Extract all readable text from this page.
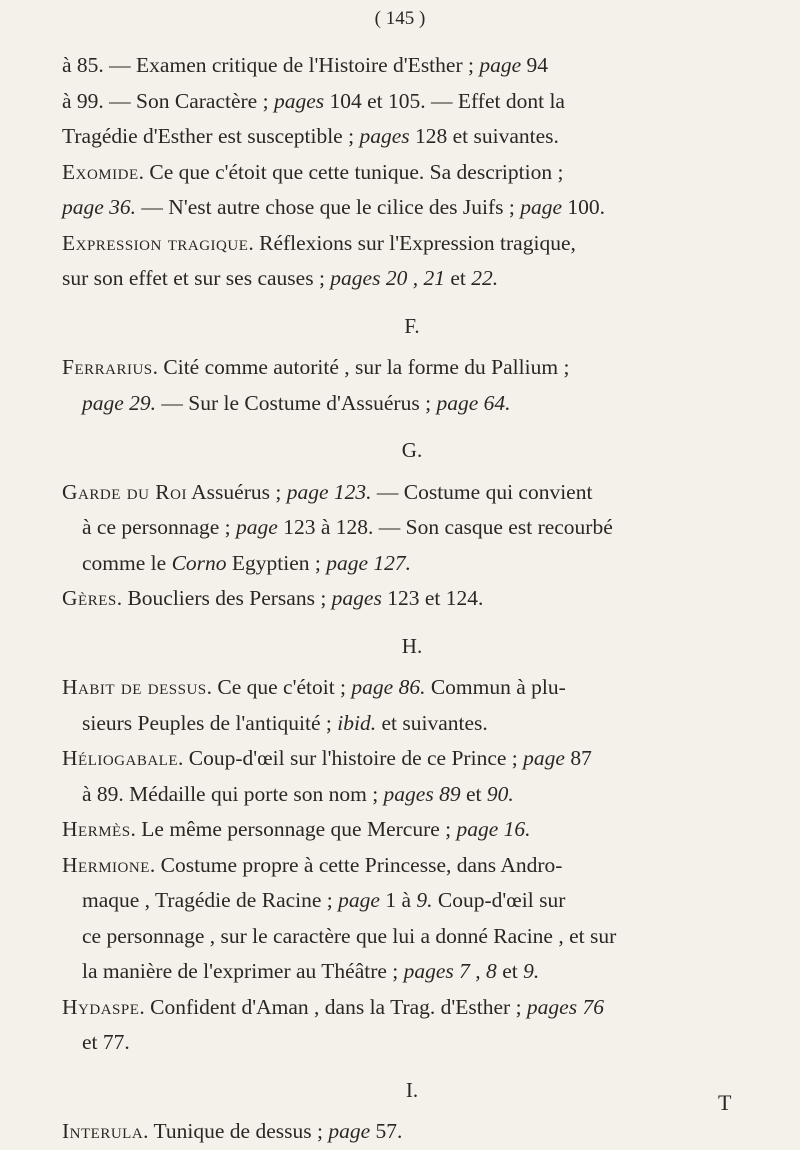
( 145 )
à 85. — Examen critique de l'Histoire d'Esther ; page 94
à 99. — Son Caractère ; pages 104 et 105. — Effet dont la
Tragédie d'Esther est susceptible ; pages 128 et suivantes.
Exomide. Ce que c'étoit que cette tunique. Sa description ;
page 36. — N'est autre chose que le cilice des Juifs ; page 100.
Expression tragique. Réflexions sur l'Expression tragique,
sur son effet et sur ses causes ; pages 20 , 21 et 22.
F.
Ferrarius. Cité comme autorité , sur la forme du Pallium ;
page 29. — Sur le Costume d'Assuérus ; page 64.
G.
Garde du Roi Assuérus ; page 123. — Costume qui convient
à ce personnage ; page 123 à 128. — Son casque est recourbé
comme le Corno Egyptien ; page 127.
Gères. Boucliers des Persans ; pages 123 et 124.
H.
Habit de dessus. Ce que c'étoit ; page 86. Commun à plu-
sieurs Peuples de l'antiquité ; ibid. et suivantes.
Héliogabale. Coup-d'œil sur l'histoire de ce Prince ; page 87
à 89. Médaille qui porte son nom ; pages 89 et 90.
Hermès. Le même personnage que Mercure ; page 16.
Hermione. Costume propre à cette Princesse, dans Andro-
maque , Tragédie de Racine ; page 1 à 9. Coup-d'œil sur
ce personnage , sur le caractère que lui a donné Racine , et sur
la manière de l'exprimer au Théâtre ; pages 7 , 8 et 9.
Hydaspe. Confident d'Aman , dans la Trag. d'Esther ; pages 76
et 77.
I.
Interula. Tunique de dessus ; page 57.
T
